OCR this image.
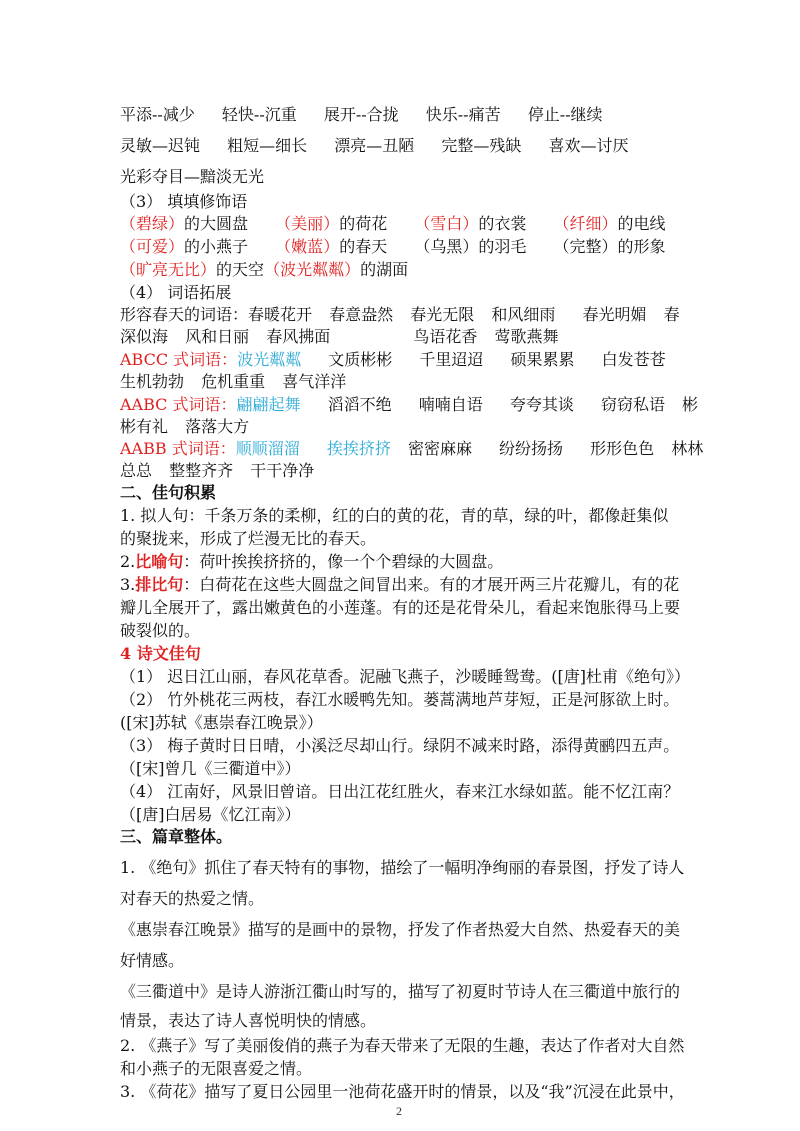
平添--减少 轻快--沉重 展开--合拢 快乐--痛苦 停止--继续
灵敏—迟钝 粗短—细长 漂亮—丑陋 完整—残缺 喜欢—讨厌
光彩夺目—黯淡无光
（3） 填填修饰语
（碧绿）的大圆盘 （美丽）的荷花 （雪白）的衣裳 （纤细）的电线
（可爱）的小燕子 （嫩蓝）的春天 （乌黑）的羽毛 （完整）的形象
（旷亮无比）的天空（波光粼粼）的湖面
（4） 词语拓展
形容春天的词语：春暖花开 春意盎然 春光无限 和风细雨 春光明媚 春
深似海 风和日丽 春风拂面	鸟语花香 莺歌燕舞
ABCC 式词语：波光粼粼 文质彬彬 千里迢迢 硕果累累 白发苍苍
生机勃勃 危机重重 喜气洋洋
AABC 式词语：翩翩起舞 滔滔不绝 喃喃自语 夸夸其谈 窃窃私语 彬
彬有礼 落落大方
AABB 式词语：顺顺溜溜 挨挨挤挤 密密麻麻 纷纷扬扬 形形色色 林林
总总 整整齐齐 干干净净
二、佳句积累
1. 拟人句：千条万条的柔柳，红的白的黄的花，青的草，绿的叶，都像赶集似
的聚拢来，形成了烂漫无比的春天。
2.比喻句：荷叶挨挨挤挤的，像一个个碧绿的大圆盘。
3.排比句：白荷花在这些大圆盘之间冒出来。有的才展开两三片花瓣儿，有的花
瓣儿全展开了，露出嫩黄色的小莲蓬。有的还是花骨朵儿，看起来饱胀得马上要
破裂似的。
4 诗文佳句
（1） 迟日江山丽，春风花草香。泥融飞燕子，沙暖睡鸳鸯。([唐]杜甫《绝句》）
（2） 竹外桃花三两枝，春江水暖鸭先知。蒌蒿满地芦芽短，正是河豚欲上时。
([宋]苏轼《惠崇春江晚景》）
（3） 梅子黄时日日晴，小溪泛尽却山行。绿阴不减来时路，添得黄鹂四五声。
（[宋]曾几《三衢道中》）
（4） 江南好，风景旧曾谙。日出江花红胜火，春来江水绿如蓝。能不忆江南？
（[唐]白居易《忆江南》）
三、篇章整体。
1. 《绝句》抓住了春天特有的事物，描绘了一幅明净绚丽的春景图，抒发了诗人
对春天的热爱之情。
《惠崇春江晚景》描写的是画中的景物，抒发了作者热爱大自然、热爱春天的美
好情感。
《三衢道中》是诗人游浙江衢山时写的，描写了初夏时节诗人在三衢道中旅行的
情景，表达了诗人喜悦明快的情感。
2. 《燕子》写了美丽俊俏的燕子为春天带来了无限的生趣，表达了作者对大自然
和小燕子的无限喜爱之情。
3. 《荷花》描写了夏日公园里一池荷花盛开时的情景，以及“我”沉浸在此景中，
2
